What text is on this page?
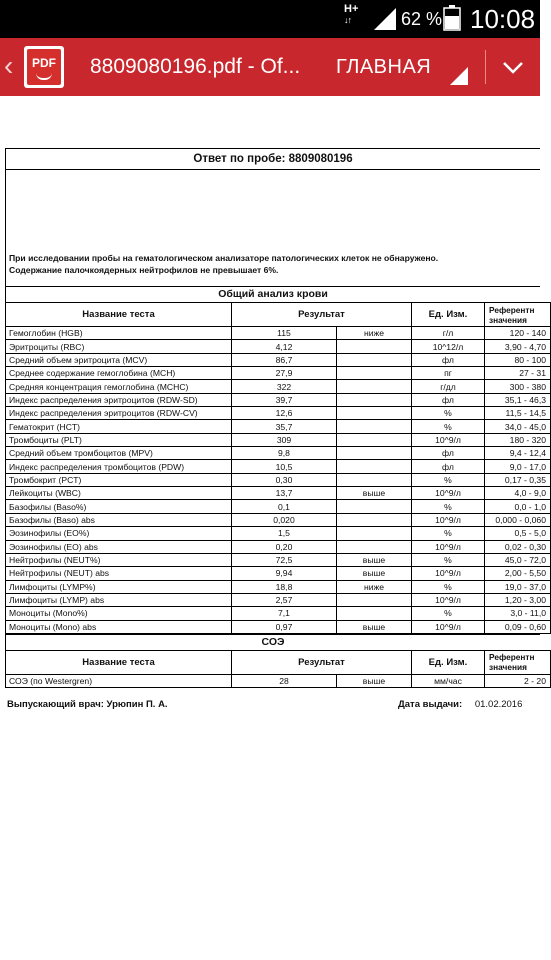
H+
↓↑	62 % 10:08
‹	PDF 8809080196.pdf - Of... ГЛАВНАЯ
Ответ по пробе: 8809080196
При исследовании пробы на гематологическом анализаторе патологических клеток не обнаружено.
Содержание палочкоядерных нейтрофилов не превышает 6%.
Общий анализ крови
Название теста	Результат		Ед. Изм.	Референтн
значения
Гемоглобин (HGB)	115	ниже	г/л	120 - 140
Эритроциты (RBC)	4,12		10^12/л	3,90 - 4,70
Средний объем эритроцита (MCV)	86,7		фл	80 - 100
Среднее содержание гемоглобина (MCH)	27,9		пг	27 - 31
Средняя концентрация гемоглобина (MCHC)	322		г/дл	300 - 380
Индекс распределения эритроцитов (RDW-SD)	39,7		фл	35,1 - 46,3
Индекс распределения эритроцитов (RDW-CV)	12,6		%	11,5 - 14,5
Гематокрит (HCT)	35,7		%	34,0 - 45,0
Тромбоциты (PLT)	309		10^9/л	180 - 320
Средний объем тромбоцитов (MPV)	9,8		фл	9,4 - 12,4
Индекс распределения тромбоцитов (PDW)	10,5		фл	9,0 - 17,0
Тромбокрит (PCT)	0,30		%	0,17 - 0,35
Лейкоциты (WBC)	13,7	выше	10^9/л	4,0 - 9,0
Базофилы (Baso%)	0,1		%	0,0 - 1,0
Базофилы (Baso) abs	0,020		10^9/л	0,000 - 0,060
Эозинофилы (EO%)	1,5		%	0,5 - 5,0
Эозинофилы (EO) abs	0,20		10^9/л	0,02 - 0,30
Нейтрофилы (NEUT%)	72,5	выше	%	45,0 - 72,0
Нейтрофилы (NEUT) abs	9,94	выше	10^9/л	2,00 - 5,50
Лимфоциты (LYMP%)	18,8	ниже	%	19,0 - 37,0
Лимфоциты (LYMP) abs	2,57		10^9/л	1,20 - 3,00
Моноциты (Mono%)	7,1		%	3,0 - 11,0
Моноциты (Mono) abs	0,97	выше	10^9/л	0,09 - 0,60
СОЭ
Название теста	Результат		Ед. Изм.	Референтн
значения
СОЭ (по Westergren)	28	выше	мм/час	2 - 20
Выпускающий врач: Урюпин П. А.	Дата выдачи: 01.02.2016
